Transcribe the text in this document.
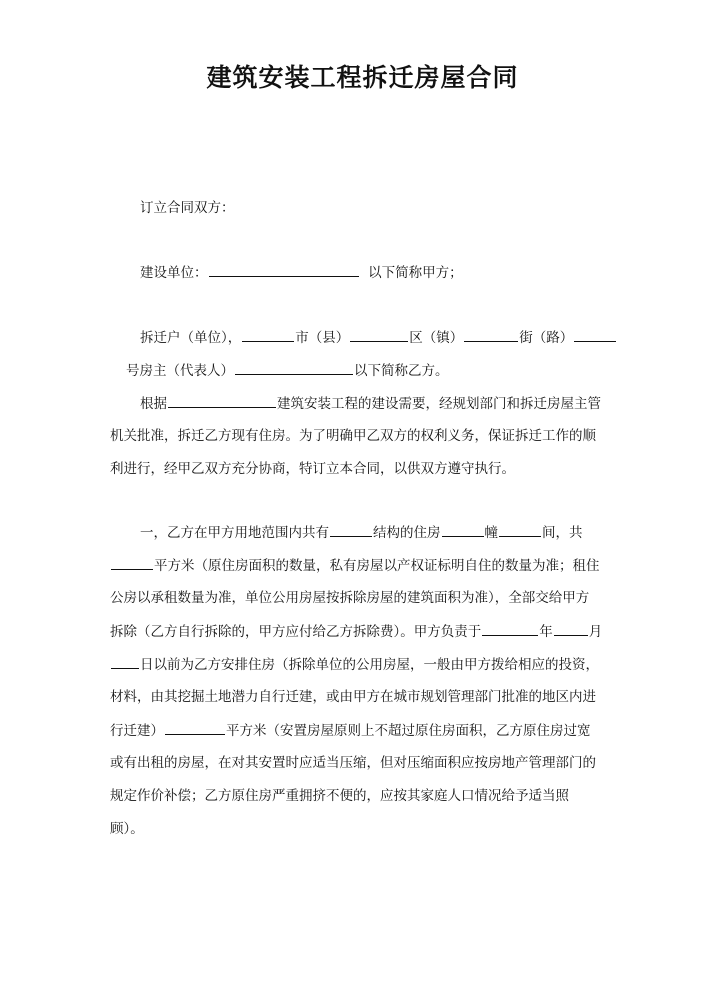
建筑安装工程拆迁房屋合同
订立合同双方：
建设单位：	以下简称甲方；
拆迁户（单位），	市（县）	区（镇）	街（路）
号房主（代表人）	以下简称乙方。
根据	建筑安装工程的建设需要，经规划部门和拆迁房屋主管
机关批准，拆迁乙方现有住房。为了明确甲乙双方的权利义务，保证拆迁工作的顺
利进行，经甲乙双方充分协商，特订立本合同，以供双方遵守执行。
一，乙方在甲方用地范围内共有	结构的住房	幢	间，共
平方米（原住房面积的数量，私有房屋以产权证标明自住的数量为准；租住
公房以承租数量为准，单位公用房屋按拆除房屋的建筑面积为准），全部交给甲方
拆除（乙方自行拆除的，甲方应付给乙方拆除费）。甲方负责于	年	月
日以前为乙方安排住房（拆除单位的公用房屋，一般由甲方拨给相应的投资，
材料，由其挖掘土地潜力自行迁建，或由甲方在城市规划管理部门批准的地区内进
行迁建）	平方米（安置房屋原则上不超过原住房面积，乙方原住房过宽
或有出租的房屋，在对其安置时应适当压缩，但对压缩面积应按房地产管理部门的
规定作价补偿；乙方原住房严重拥挤不便的，应按其家庭人口情况给予适当照
顾）。
